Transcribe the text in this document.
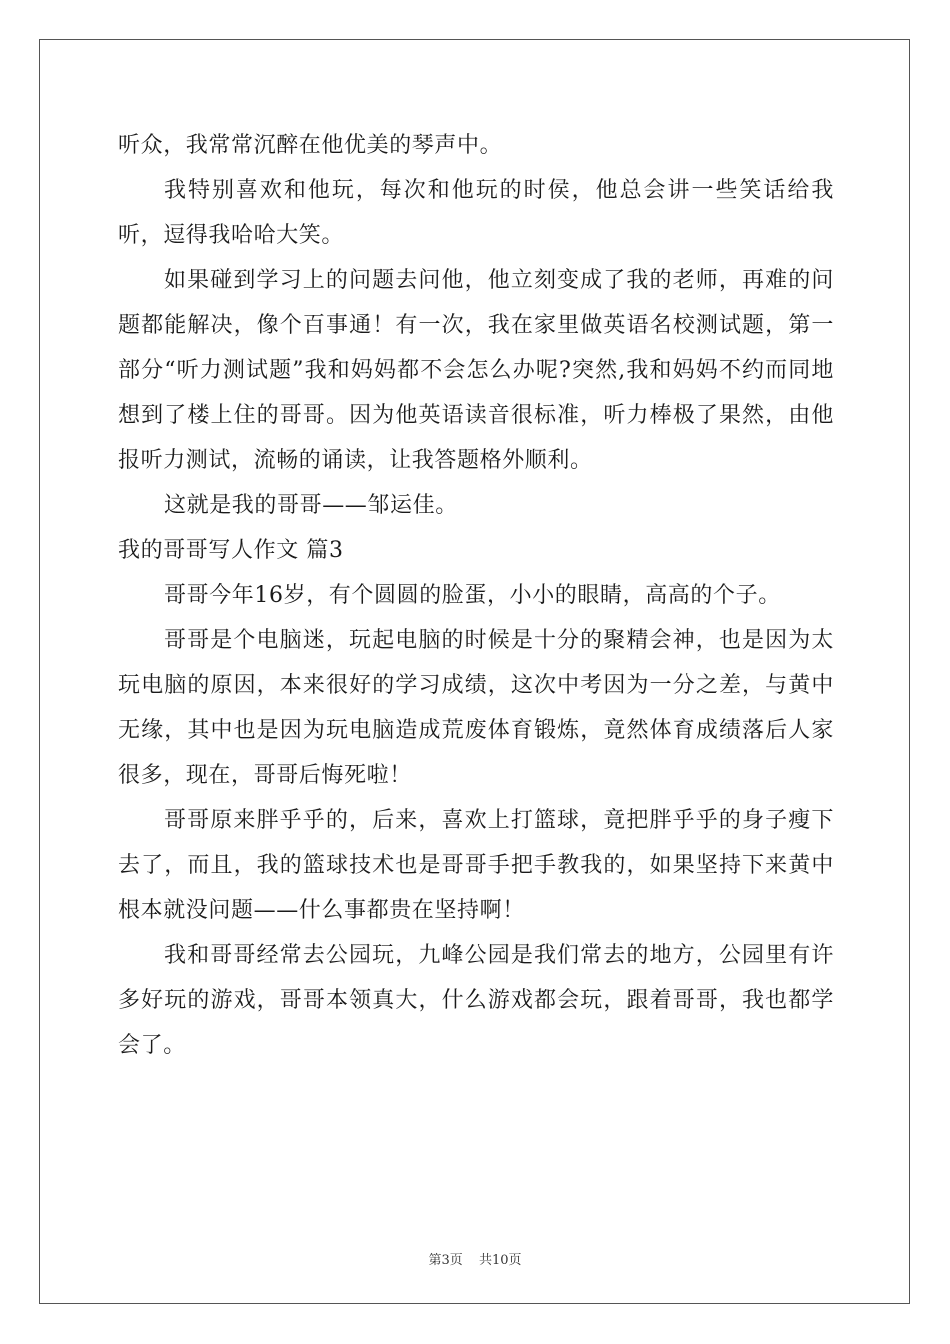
听众，我常常沉醉在他优美的琴声中。

我特别喜欢和他玩，每次和他玩的时侯，他总会讲一些笑话给我听，逗得我哈哈大笑。

如果碰到学习上的问题去问他，他立刻变成了我的老师，再难的问题都能解决，像个百事通！有一次，我在家里做英语名校测试题，第一部分“听力测试题”我和妈妈都不会怎么办呢?突然,我和妈妈不约而同地想到了楼上住的哥哥。因为他英语读音很标准，听力棒极了果然，由他报听力测试，流畅的诵读，让我答题格外顺利。

这就是我的哥哥——邹运佳。

我的哥哥写人作文 篇3

哥哥今年16岁，有个圆圆的脸蛋，小小的眼睛，高高的个子。

哥哥是个电脑迷，玩起电脑的时候是十分的聚精会神，也是因为太玩电脑的原因，本来很好的学习成绩，这次中考因为一分之差，与黄中无缘，其中也是因为玩电脑造成荒废体育锻炼，竟然体育成绩落后人家很多，现在，哥哥后悔死啦！

哥哥原来胖乎乎的，后来，喜欢上打篮球，竟把胖乎乎的身子瘦下去了，而且，我的篮球技术也是哥哥手把手教我的，如果坚持下来黄中根本就没问题——什么事都贵在坚持啊！

我和哥哥经常去公园玩，九峰公园是我们常去的地方，公园里有许多好玩的游戏，哥哥本领真大，什么游戏都会玩，跟着哥哥，我也都学会了。

第3页 共10页
